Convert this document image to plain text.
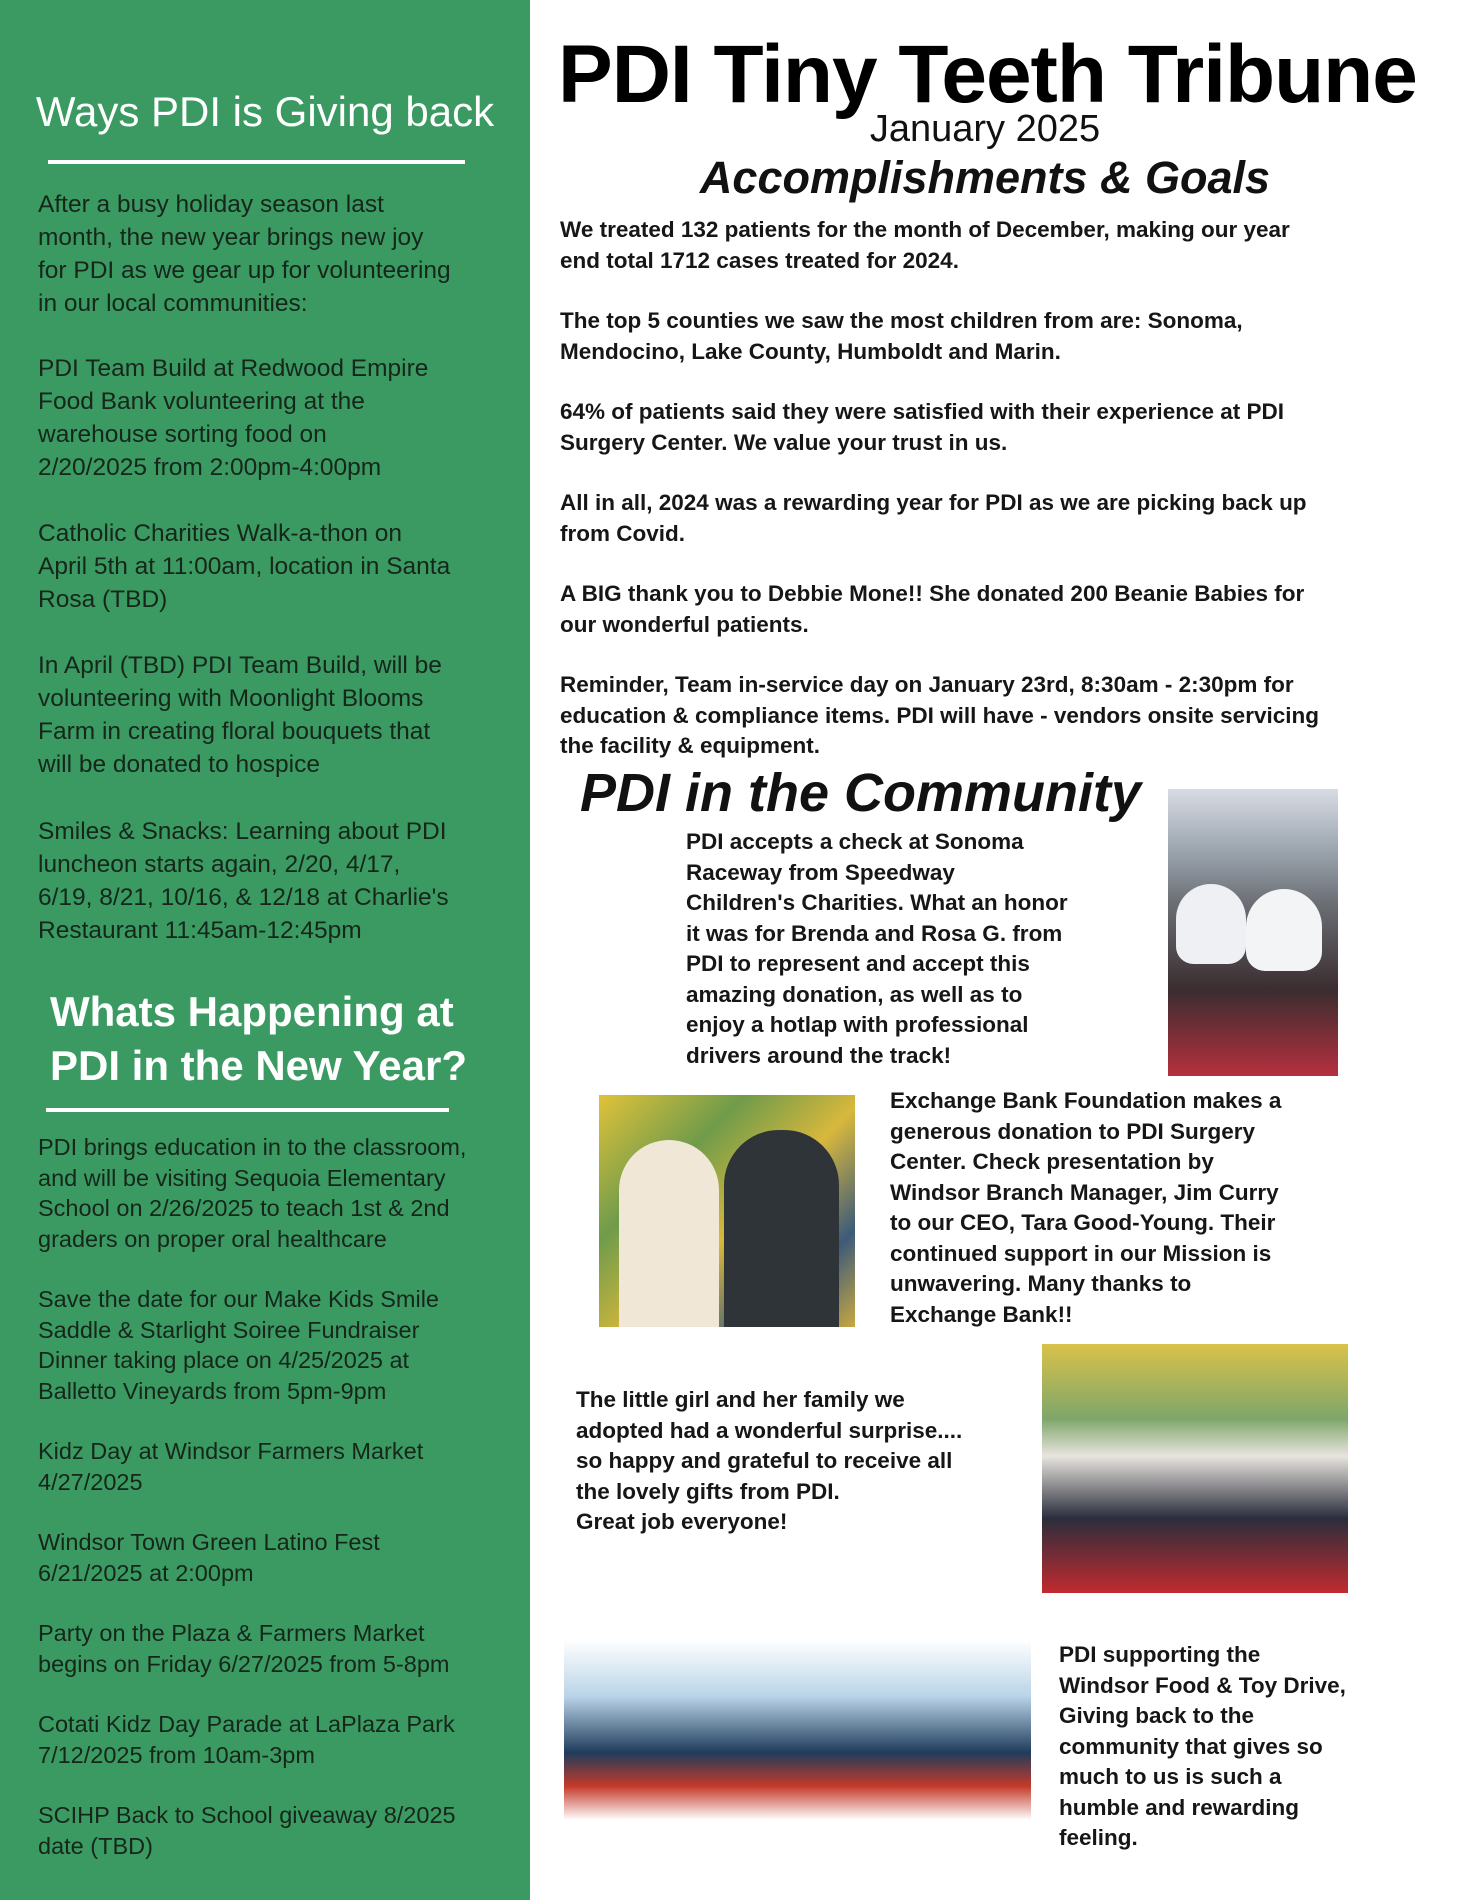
Ways PDI is Giving back

After a busy holiday season last
month, the new year brings new joy
for PDI as we gear up for volunteering
in our local communities:

PDI Team Build at Redwood Empire
Food Bank volunteering at the
warehouse sorting food on
2/20/2025 from 2:00pm-4:00pm

Catholic Charities Walk-a-thon on
April 5th at 11:00am, location in Santa
Rosa (TBD)

In April (TBD) PDI Team Build, will be
volunteering with Moonlight Blooms
Farm in creating floral bouquets that
will be donated to hospice

Smiles & Snacks: Learning about PDI
luncheon starts again, 2/20, 4/17,
6/19, 8/21, 10/16, & 12/18 at Charlie's
Restaurant 11:45am-12:45pm

Whats Happening at
PDI in the New Year?

PDI brings education in to the classroom,
and will be visiting Sequoia Elementary
School on 2/26/2025 to teach 1st & 2nd
graders on proper oral healthcare

Save the date for our Make Kids Smile
Saddle & Starlight Soiree Fundraiser
Dinner taking place on 4/25/2025 at
Balletto Vineyards from 5pm-9pm

Kidz Day at Windsor Farmers Market
4/27/2025

Windsor Town Green Latino Fest
6/21/2025 at 2:00pm

Party on the Plaza & Farmers Market
begins on Friday 6/27/2025 from 5-8pm

Cotati Kidz Day Parade at LaPlaza Park
7/12/2025 from 10am-3pm

SCIHP Back to School giveaway 8/2025
date (TBD)

PDI Tiny Teeth Tribune
January 2025
Accomplishments & Goals

We treated 132 patients for the month of December, making our year
end total 1712 cases treated for 2024.

The top 5 counties we saw the most children from are: Sonoma,
Mendocino, Lake County, Humboldt and Marin.

64% of patients said they were satisfied with their experience at PDI
Surgery Center. We value your trust in us.

All in all, 2024 was a rewarding year for PDI as we are picking back up
from Covid.

A BIG thank you to Debbie Mone!! She donated 200 Beanie Babies for
our wonderful patients.

Reminder, Team in-service day on January 23rd, 8:30am - 2:30pm for
education & compliance items. PDI will have - vendors onsite servicing
the facility & equipment.

PDI in the Community

PDI accepts a check at Sonoma
Raceway from Speedway
Children's Charities. What an honor
it was for Brenda and Rosa G. from
PDI to represent and accept this
amazing donation, as well as to
enjoy a hotlap with professional
drivers around the track!

Exchange Bank Foundation makes a
generous donation to PDI Surgery
Center. Check presentation by
Windsor Branch Manager, Jim Curry
to our CEO, Tara Good-Young. Their
continued support in our Mission is
unwavering. Many thanks to
Exchange Bank!!

The little girl and her family we
adopted had a wonderful surprise....
so happy and grateful to receive all
the lovely gifts from PDI.
Great job everyone!

PDI supporting the
Windsor Food & Toy Drive,
Giving back to the
community that gives so
much to us is such a
humble and rewarding
feeling.
